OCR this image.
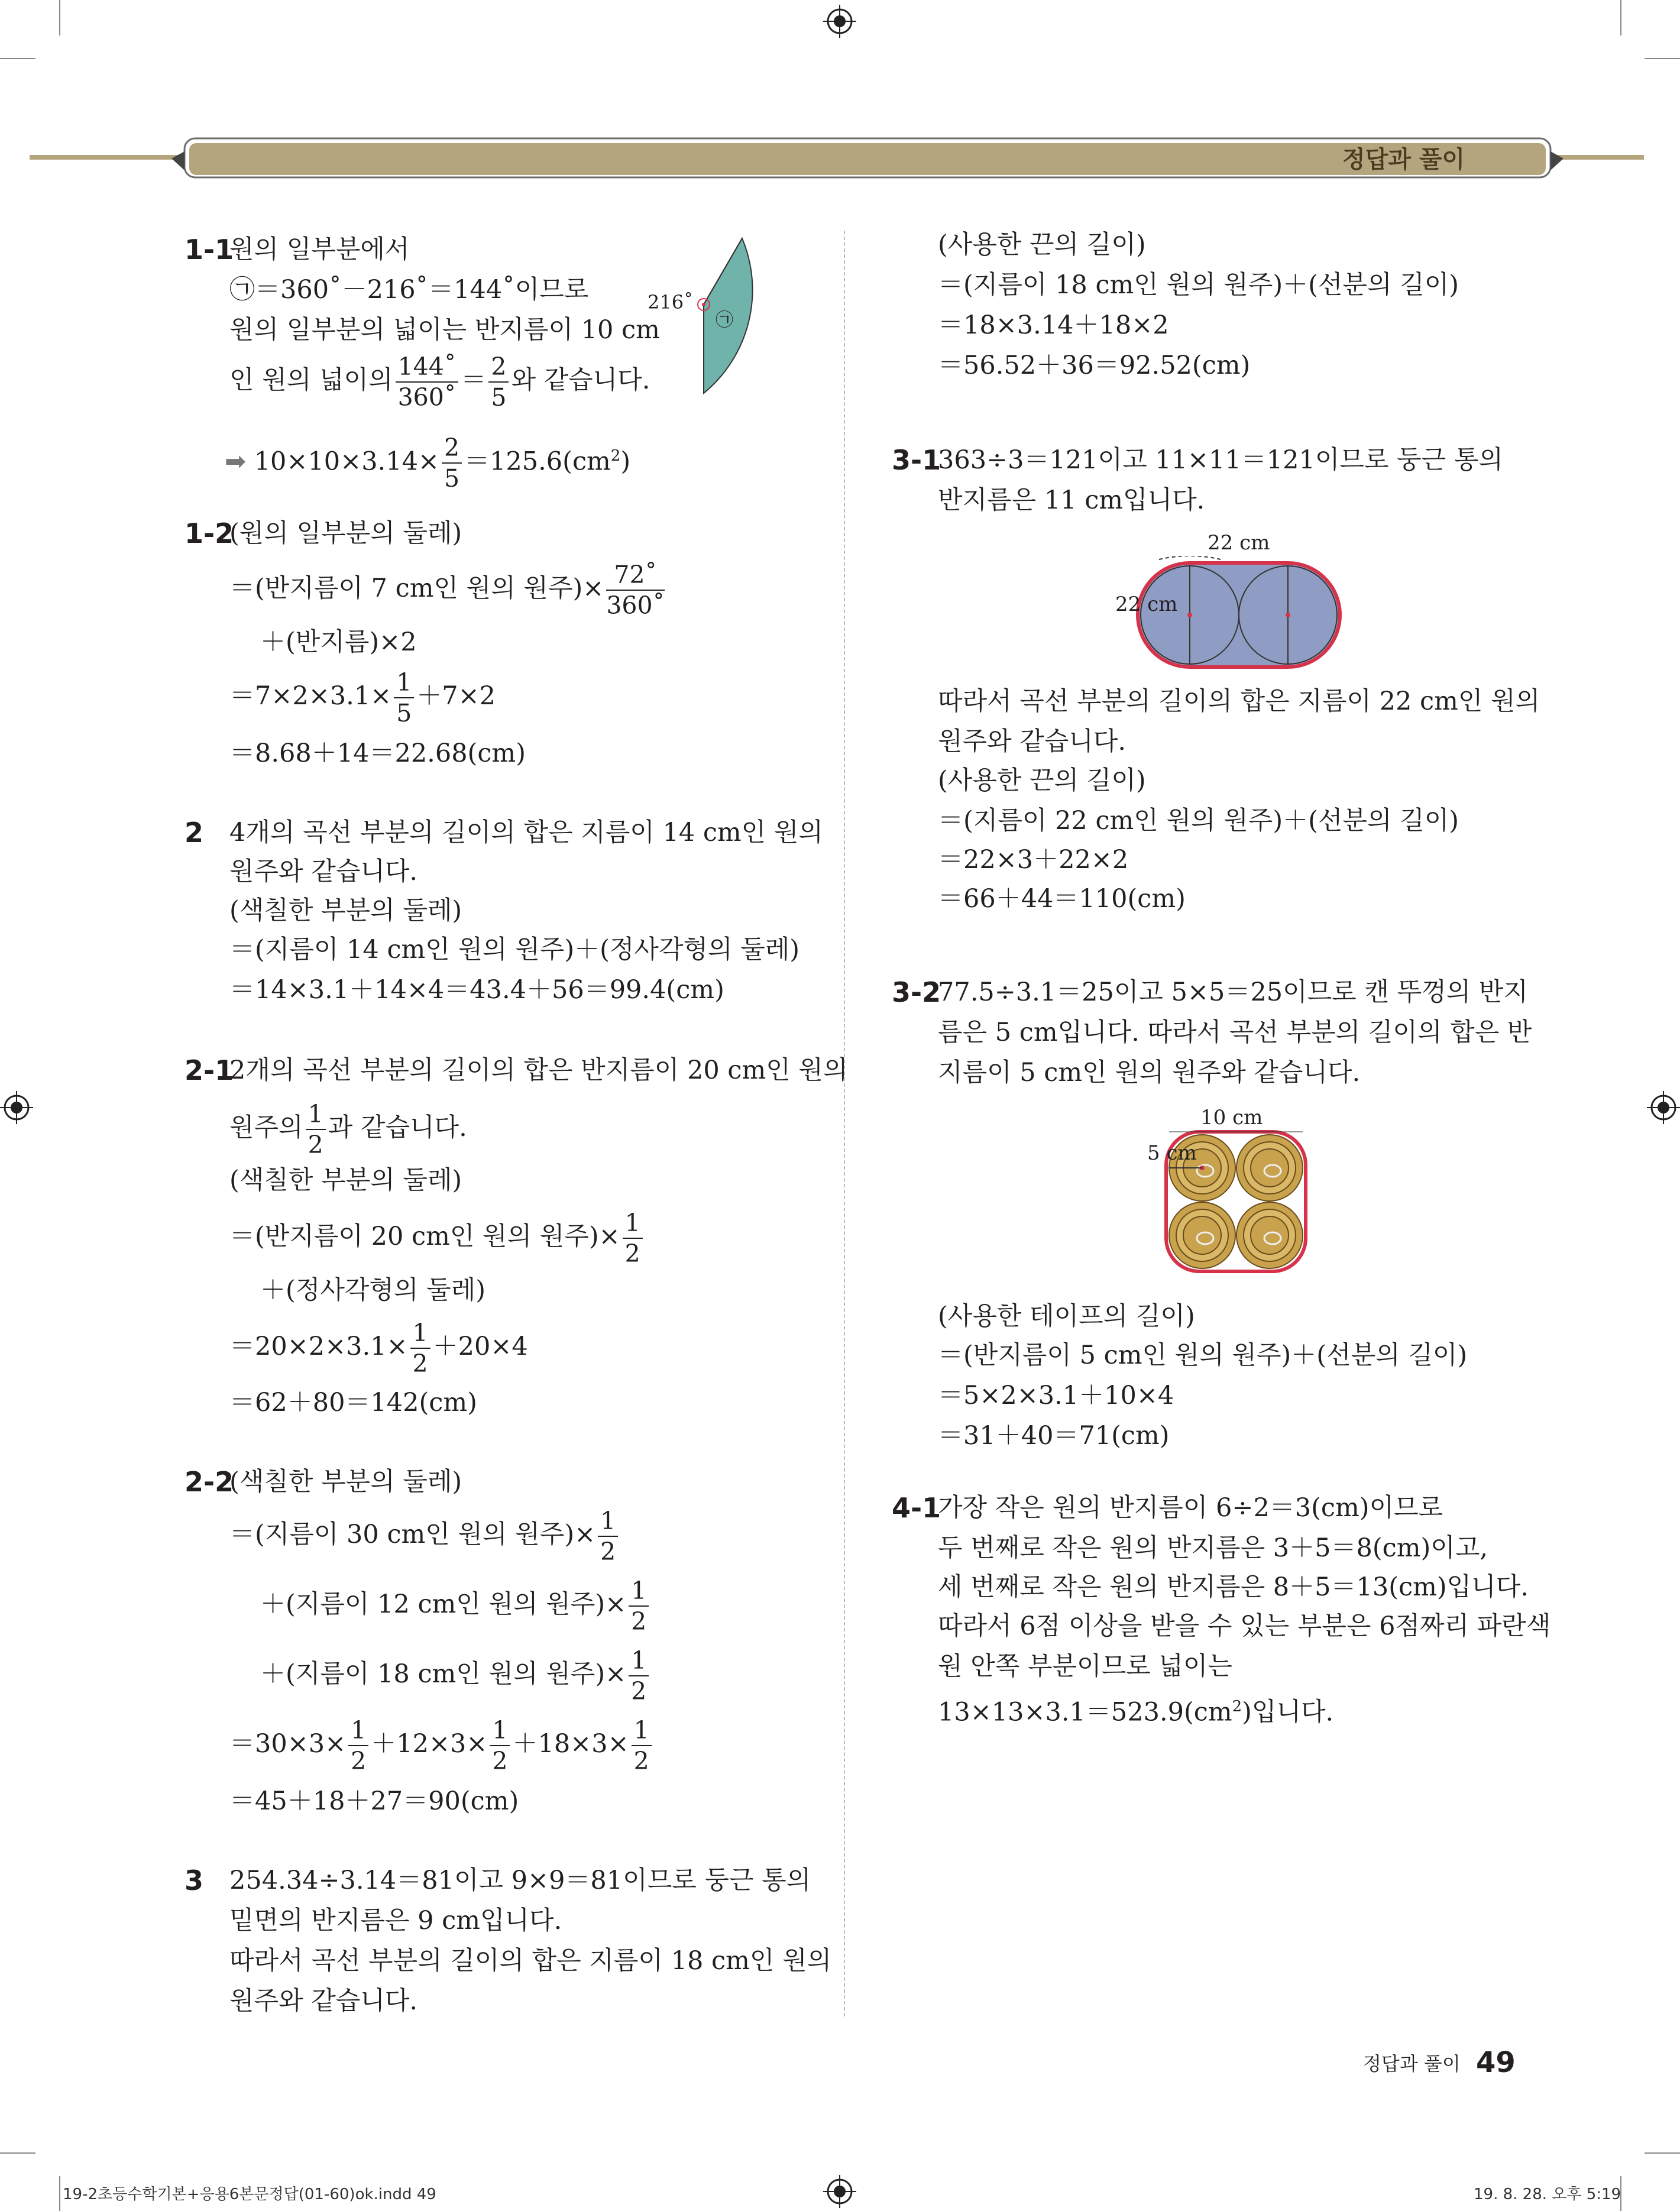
정답과 풀이
1-1
원의 일부분에서
㉠＝360˚－216˚＝144˚이므로
원의 일부분의 넓이는 반지름이 10 cm
인 원의 넓이의 $\frac{144˚}{360˚} = \frac{2}{5}$ 와 같습니다.
➡ $10\times 10\times 3.14\times \frac{2}{5} =125.6(cm^2)$
216˚
㉠
1-2
(원의 일부분의 둘레)
＝(반지름이 7 cm인 원의 원주)× $\frac{72˚}{360˚}$
＋(반지름)×2
$=7\times 2\times 3.1\times \frac{1}{5} +7\times 2$
＝8.68＋14＝22.68(cm)
2 4개의 곡선 부분의 길이의 합은 지름이 14 cm인 원의
원주와 같습니다.
(색칠한 부분의 둘레)
＝(지름이 14 cm인 원의 원주)＋(정사각형의 둘레)
＝14×3.1＋14×4＝43.4＋56＝99.4(cm)
2-1
2개의 곡선 부분의 길이의 합은 반지름이 20 cm인 원의
원주의 $\frac{1}{2}$ 과 같습니다.
(색칠한 부분의 둘레)
＝(반지름이 20 cm인 원의 원주)× $\frac{1}{2}$
＋(정사각형의 둘레)
$=20\times 2\times 3.1\times \frac{1}{2} +20\times 4$
＝62＋80＝142(cm)
2-2
(색칠한 부분의 둘레)
＝(지름이 30 cm인 원의 원주)× $\frac{1}{2}$
＋(지름이 12 cm인 원의 원주)× $\frac{1}{2}$
＋(지름이 18 cm인 원의 원주)× $\frac{1}{2}$
$=30\times 3\times \frac{1}{2} +12\times 3\times \frac{1}{2} +18\times 3\times \frac{1}{2}$
＝45＋18＋27＝90(cm)
3 254.34÷3.14＝81이고 9×9＝81이므로 둥근 통의
밑면의 반지름은 9 cm입니다.
따라서 곡선 부분의 길이의 합은 지름이 18 cm인 원의
원주와 같습니다.
(사용한 끈의 길이)
＝(지름이 18 cm인 원의 원주)＋(선분의 길이)
＝18×3.14＋18×2
＝56.52＋36＝92.52(cm)
3-1
363÷3＝121이고 11×11＝121이므로 둥근 통의
반지름은 11 cm입니다.
22 cm
22 cm
따라서 곡선 부분의 길이의 합은 지름이 22 cm인 원의
원주와 같습니다.
(사용한 끈의 길이)
＝(지름이 22 cm인 원의 원주)＋(선분의 길이)
＝22×3＋22×2
＝66＋44＝110(cm)
3-2
77.5÷3.1＝25이고 5×5＝25이므로 캔 뚜껑의 반지
름은 5 cm입니다. 따라서 곡선 부분의 길이의 합은 반
지름이 5 cm인 원의 원주와 같습니다.
10 cm
5 cm
(사용한 테이프의 길이)
＝(반지름이 5 cm인 원의 원주)＋(선분의 길이)
＝5×2×3.1＋10×4
＝31＋40＝71(cm)
4-1
가장 작은 원의 반지름이 6÷2＝3(cm)이므로
두 번째로 작은 원의 반지름은 3＋5＝8(cm)이고,
세 번째로 작은 원의 반지름은 8＋5＝13(cm)입니다.
따라서 6점 이상을 받을 수 있는 부분은 6점짜리 파란색
원 안쪽 부분이므로 넓이는
$13\times 13\times 3.1=523.9(cm^2)$입니다.
정답과 풀이 49
19-2초등수학기본+응용6본문정답(01-60)ok.indd 49	19. 8. 28. 오후 5:19
